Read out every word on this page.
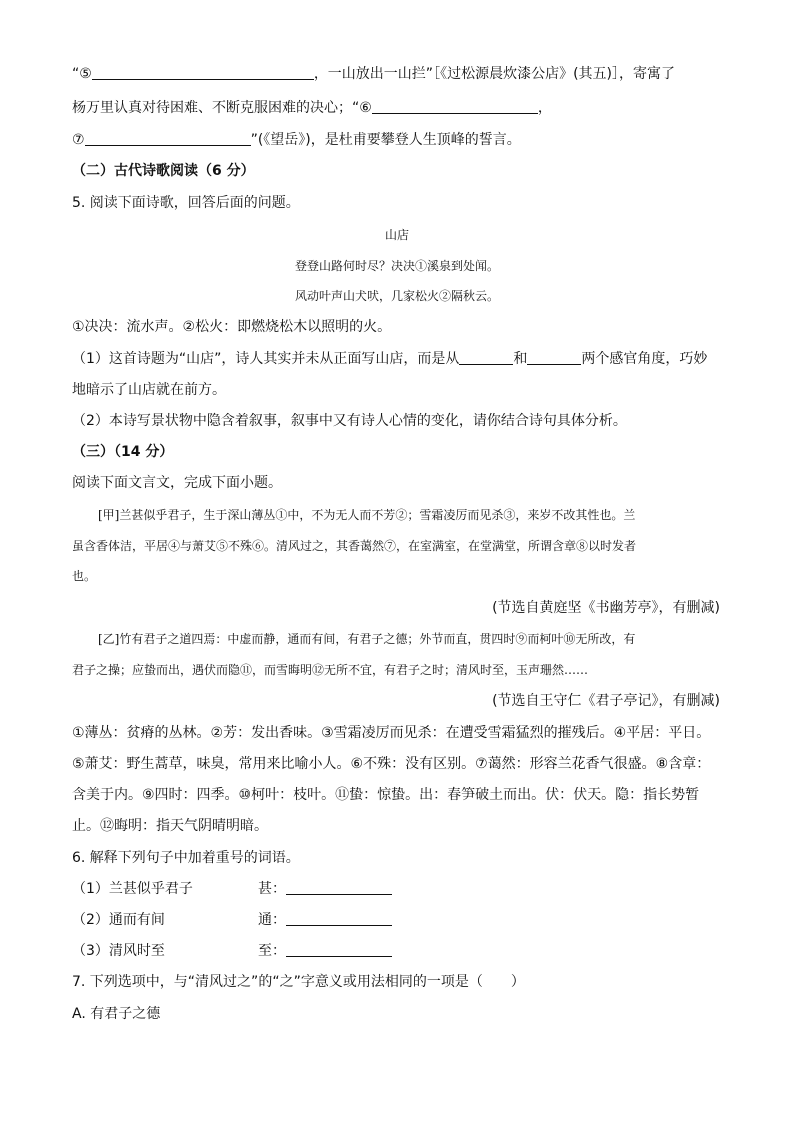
“⑤	，一山放出一山拦”［《过松源晨炊漆公店》(其五)］，寄寓了
杨万里认真对待困难、不断克服困难的决心；“⑥	，
⑦	”(《望岳》)，是杜甫要攀登人生顶峰的誓言。
（二）古代诗歌阅读（6 分）
5. 阅读下面诗歌，回答后面的问题。
山店
登登山路何时尽？决决①溪泉到处闻。
风动叶声山犬吠，几家松火②隔秋云。
①决决：流水声。②松火：即燃烧松木以照明的火。
（1）这首诗题为“山店”，诗人其实并未从正面写山店，而是从	和	两个感官角度，巧妙
地暗示了山店就在前方。
（2）本诗写景状物中隐含着叙事，叙事中又有诗人心情的变化，请你结合诗句具体分析。
（三）（14 分）
阅读下面文言文，完成下面小题。
[甲]兰甚似乎君子，生于深山薄丛①中，不为无人而不芳②；雪霜凌厉而见杀③，来岁不改其性也。兰
虽含香体洁，平居④与萧艾⑤不殊⑥。清风过之，其香蔼然⑦，在室满室，在堂满堂，所谓含章⑧以时发者
也。
(节选自黄庭坚《书幽芳亭》，有删减)
[乙]竹有君子之道四焉：中虚而静，通而有间，有君子之德；外节而直，贯四时⑨而柯叶⑩无所改，有
君子之操；应蛰而出，遇伏而隐⑪，而雪晦明⑫无所不宜，有君子之时；清风时至，玉声珊然……
(节选自王守仁《君子亭记》，有删减)
①薄丛：贫瘠的丛林。②芳：发出香味。③雪霜凌厉而见杀：在遭受雪霜猛烈的摧残后。④平居：平日。
⑤萧艾：野生蒿草，味臭，常用来比喻小人。⑥不殊：没有区别。⑦蔼然：形容兰花香气很盛。⑧含章：
含美于内。⑨四时：四季。⑩柯叶：枝叶。⑪蛰：惊蛰。出：春笋破土而出。伏：伏天。隐：指长势暂
止。⑫晦明：指天气阴晴明暗。
6. 解释下列句子中加着重号的词语。
（1）兰甚似乎君子	甚：
（2）通而有间	通：
（3）清风时至	至：
7. 下列选项中，与“清风过之”的“之”字意义或用法相同的一项是（　　）
A. 有君子之德
